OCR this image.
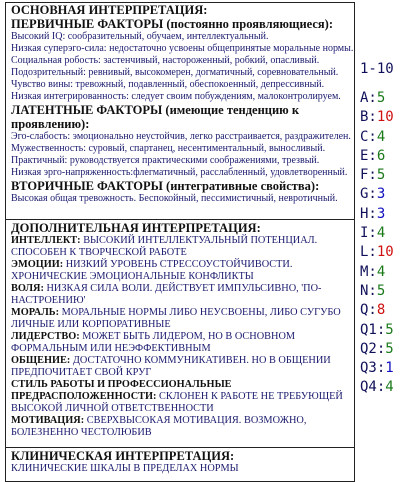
ОСНОВНАЯ ИНТЕРПРЕТАЦИЯ:
ПЕРВИЧНЫЕ ФАКТОРЫ (постоянно проявляющиеся):
Высокий IQ: сообразительный, обучаем, интеллектуальный.
Низкая суперэго-сила: недостаточно усвоены общепринятые моральные нормы.
Социальная робость: застенчивый, настороженный, робкий, опасливый.
Подозрительный: ревнивый, высокомерен, догматичный, соревновательный.
Чувство вины: тревожный, подавленный, обеспокоенный, депрессивный.
Низкая интегрированность: следует своим побуждениям, малоконтролируем.
ЛАТЕНТНЫЕ ФАКТОРЫ (имеющие тенденцию к проявлению):
Эго-слабость: эмоционально неустойчив, легко расстраивается, раздражителен.
Мужественность: суровый, спартанец, несентиментальный, выносливый.
Практичный: руководствуется практическими соображениями, трезвый.
Низкая эрго-напряженность:флегматичный, расслабленный, удовлетворенный.
ВТОРИЧНЫЕ ФАКТОРЫ (интегративные свойства):
Высокая общая тревожность. Беспокойный, пессимистичный, невротичный.
ДОПОЛНИТЕЛЬНАЯ ИНТЕРПРЕТАЦИЯ:
ИНТЕЛЛЕКТ: ВЫСОКИЙ ИНТЕЛЛЕКТУАЛЬНЫЙ ПОТЕНЦИАЛ. СПОСОБЕН К ТВОРЧЕСКОЙ РАБОТЕ
ЭМОЦИИ: НИЗКИЙ УРОВЕНЬ СТРЕССОУСТОЙЧИВОСТИ. ХРОНИЧЕСКИЕ ЭМОЦИОНАЛЬНЫЕ КОНФЛИКТЫ
ВОЛЯ: НИЗКАЯ СИЛА ВОЛИ. ДЕЙСТВУЕТ ИМПУЛЬСИВНО, 'ПО-НАСТРОЕНИЮ'
МОРАЛЬ: МОРАЛЬНЫЕ НОРМЫ ЛИБО НЕУСВОЕНЫ, ЛИБО СУГУБО ЛИЧНЫЕ ИЛИ КОРПОРАТИВНЫЕ
ЛИДЕРСТВО: МОЖЕТ БЫТЬ ЛИДЕРОМ, НО В ОСНОВНОМ ФОРМАЛЬНЫМ ИЛИ НЕЭФФЕКТИВНЫМ
ОБЩЕНИЕ: ДОСТАТОЧНО КОММУНИКАТИВЕН. НО В ОБЩЕНИИ ПРЕДПОЧИТАЕТ СВОЙ КРУГ
СТИЛЬ РАБОТЫ И ПРОФЕССИОНАЛЬНЫЕ ПРЕДРАСПОЛОЖЕННОСТИ: СКЛОНЕН К РАБОТЕ НЕ ТРЕБУЮЩЕЙ ВЫСОКОЙ ЛИЧНОЙ ОТВЕТСТВЕННОСТИ
МОТИВАЦИЯ: СВЕРХВЫСОКАЯ МОТИВАЦИЯ. ВОЗМОЖНО, БОЛЕЗНЕННО ЧЕСТОЛЮБИВ
КЛИНИЧЕСКАЯ ИНТЕРПРЕТАЦИЯ:
КЛИНИЧЕСКИЕ ШКАЛЫ В ПРЕДЕЛАХ НОРМЫ
1-10
A:5
B:10
C:4
E:6
F:5
G:3
H:3
I:4
L:10
M:4
N:5
Q:8
Q1:5
Q2:5
Q3:1
Q4:4
